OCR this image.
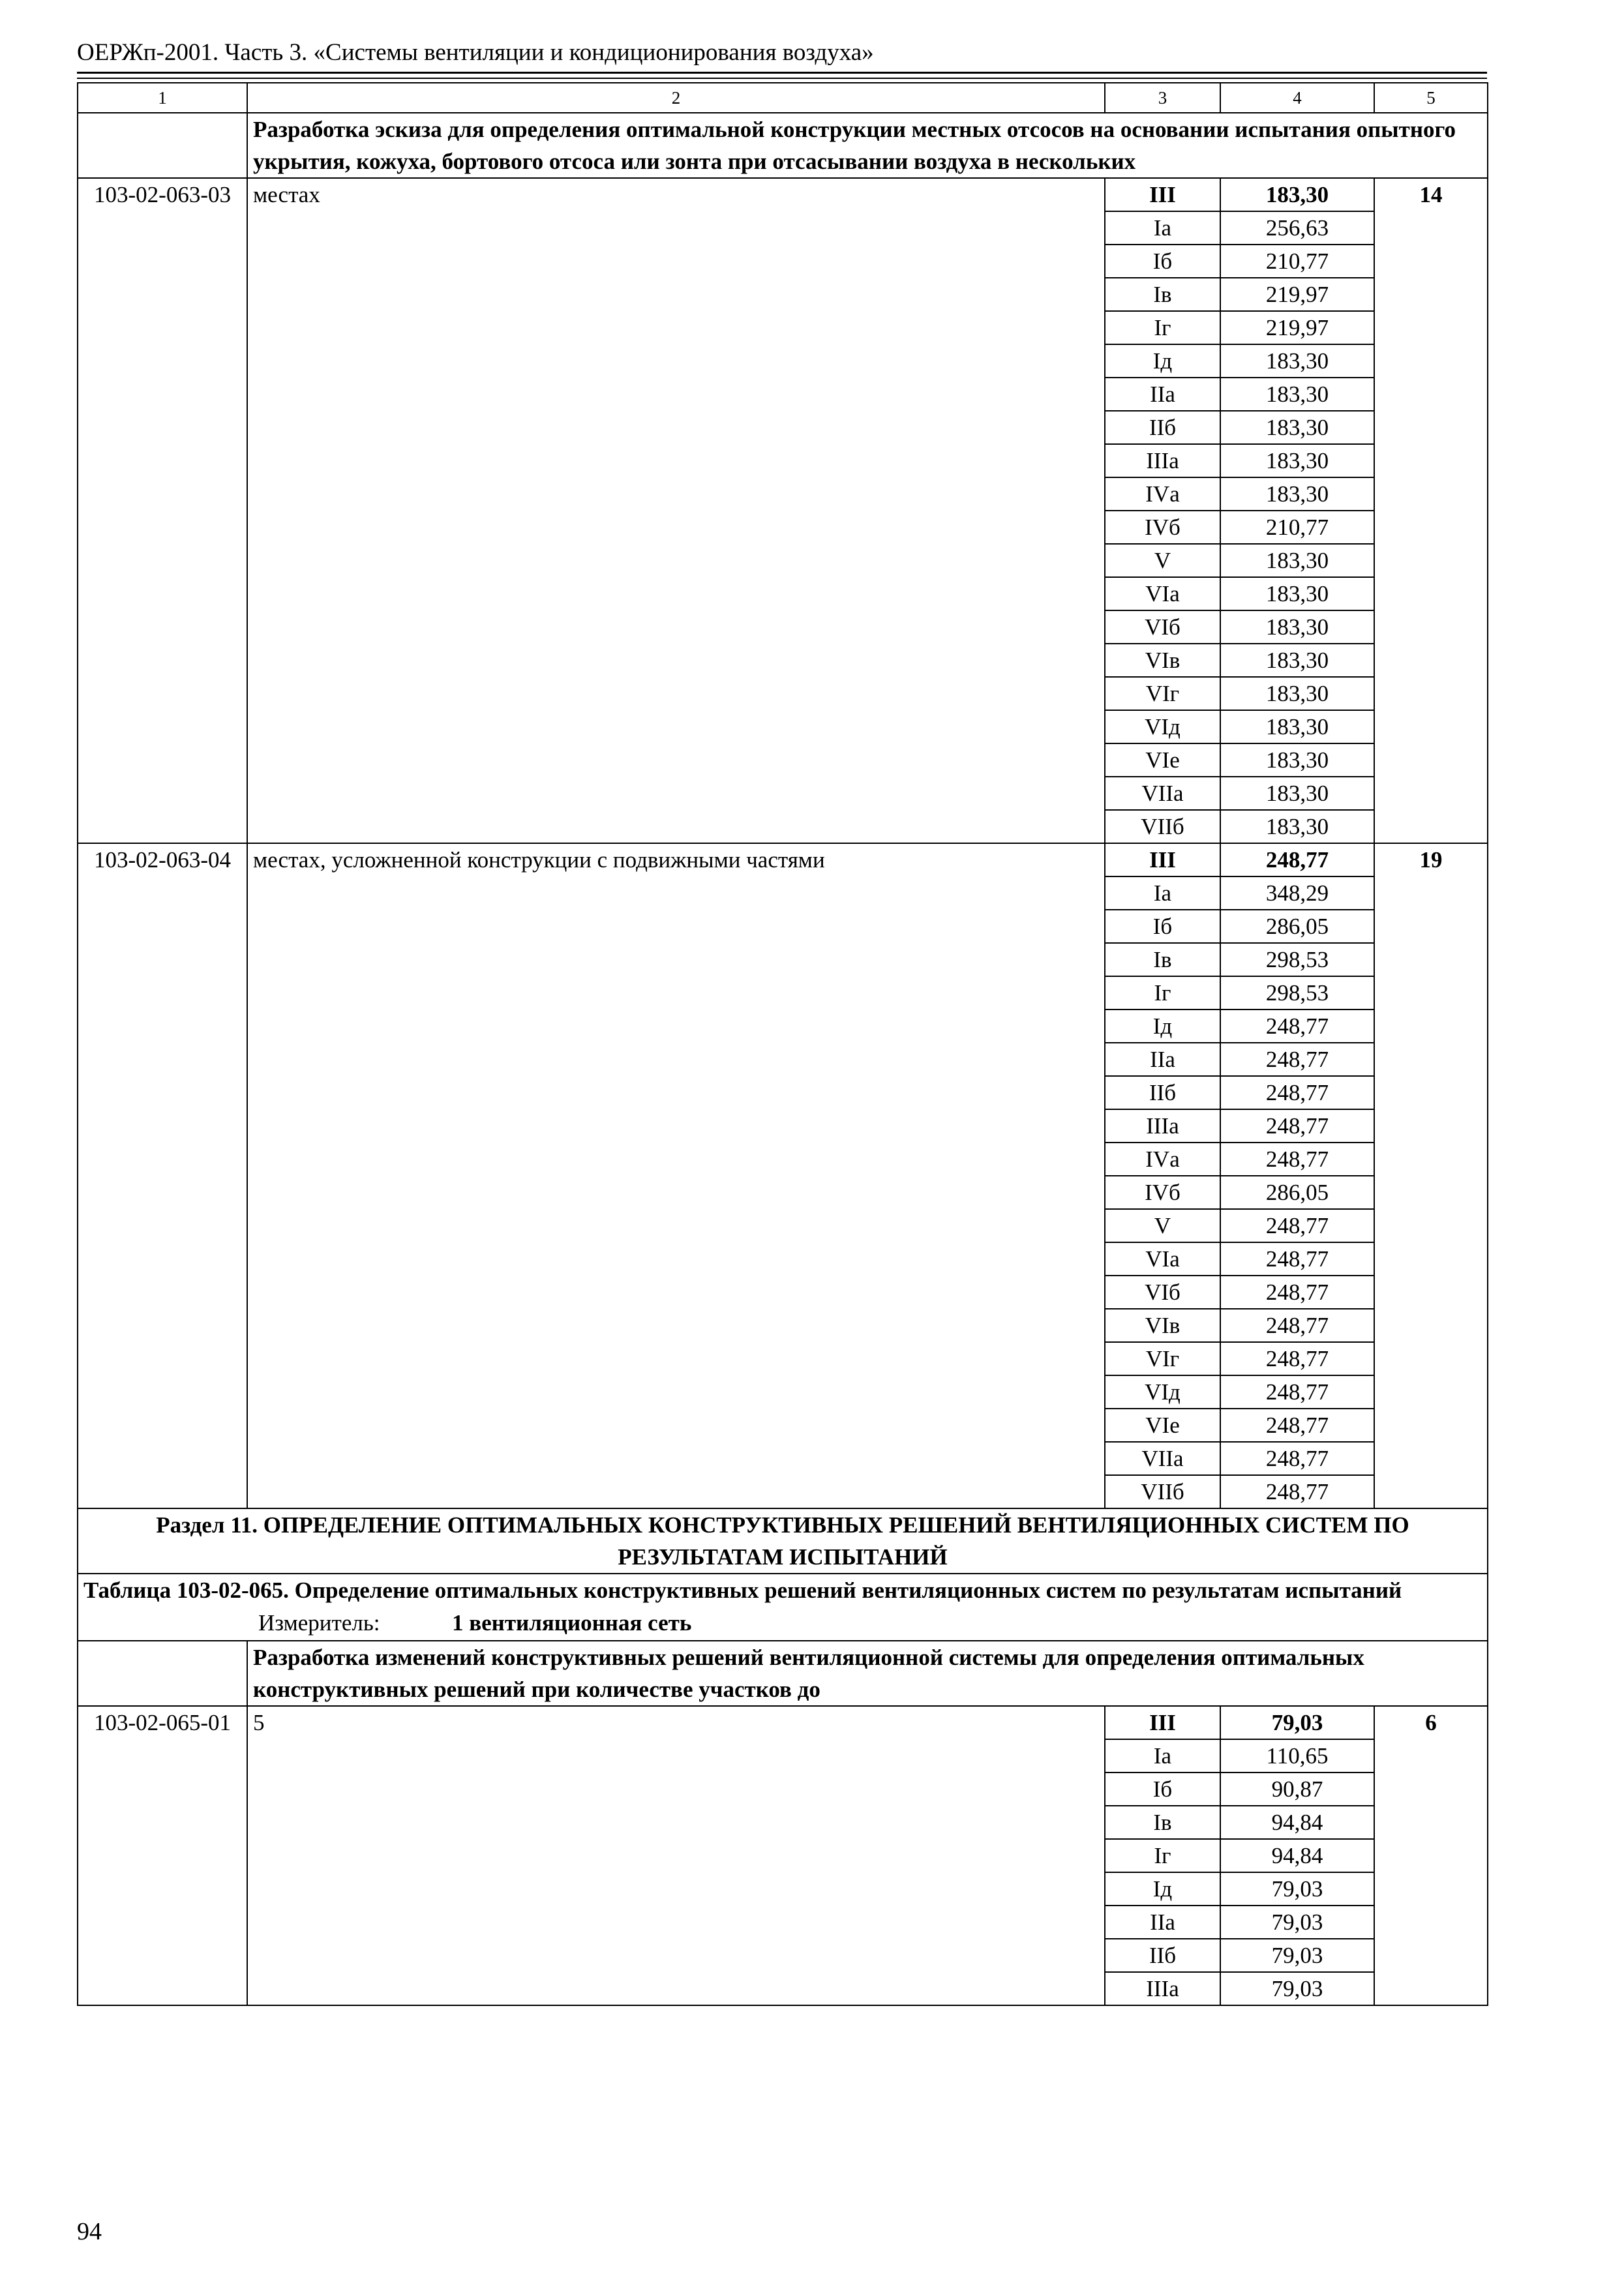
ОЕРЖп-2001. Часть 3. «Системы вентиляции и кондиционирования воздуха»
1	2	3	4	5
	Разработка эскиза для определения оптимальной конструкции местных отсосов на основании испытания опытного укрытия, кожуха, бортового отсоса или зонта при отсасывании воздуха в нескольких			
103-02-063-03	местах	III	183,30	14
		Iа	256,63	
		Iб	210,77	
		Iв	219,97	
		Iг	219,97	
		Iд	183,30	
		IIа	183,30	
		IIб	183,30	
		IIIа	183,30	
		IVа	183,30	
		IVб	210,77	
		V	183,30	
		VIа	183,30	
		VIб	183,30	
		VIв	183,30	
		VIг	183,30	
		VIд	183,30	
		VIе	183,30	
		VIIа	183,30	
		VIIб	183,30	
103-02-063-04	местах, усложненной конструкции с подвижными частями	III	248,77	19
		Iа	348,29	
		Iб	286,05	
		Iв	298,53	
		Iг	298,53	
		Iд	248,77	
		IIа	248,77	
		IIб	248,77	
		IIIа	248,77	
		IVа	248,77	
		IVб	286,05	
		V	248,77	
		VIа	248,77	
		VIб	248,77	
		VIв	248,77	
		VIг	248,77	
		VIд	248,77	
		VIе	248,77	
		VIIа	248,77	
		VIIб	248,77	
Раздел 11. ОПРЕДЕЛЕНИЕ ОПТИМАЛЬНЫХ КОНСТРУКТИВНЫХ РЕШЕНИЙ ВЕНТИЛЯЦИОННЫХ СИСТЕМ ПО РЕЗУЛЬТАТАМ ИСПЫТАНИЙ				

Таблица 103-02-065. Определение оптимальных конструктивных решений вентиляционных систем по результатам испытаний
Измеритель: 1 вентиляционная сеть				

	Разработка изменений конструктивных решений вентиляционной системы для определения оптимальных конструктивных решений при количестве участков до			
103-02-065-01	5	III	79,03	6
		Iа	110,65	
		Iб	90,87	
		Iв	94,84	
		Iг	94,84	
		Iд	79,03	
		IIа	79,03	
		IIб	79,03	
		IIIа	79,03	
94
